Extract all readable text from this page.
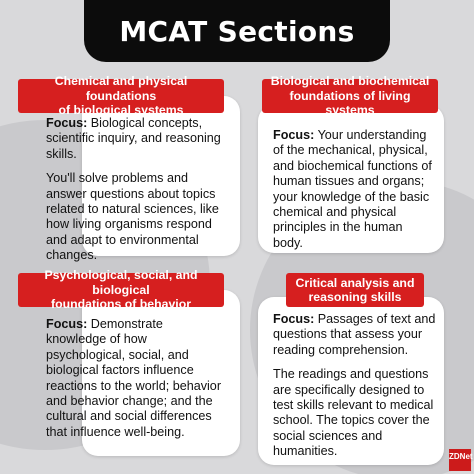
MCAT Sections

Focus: Biological concepts, scientific inquiry, and reasoning skills.

You'll solve problems and answer questions about topics related to natural sciences, like how living organisms respond and adapt to environmental changes.

Chemical and physical foundations
of biological systems

Focus: Your understanding of the mechanical, physical, and biochemical functions of human tissues and organs; your knowledge of the basic chemical and physical principles in the human body.

Biological and biochemical
foundations of living systems

Focus: Demonstrate knowledge of how psychological, social, and biological factors influence reactions to the world; behavior and behavior change; and the cultural and social differences that influence well-being.

Psychological, social, and biological
foundations of behavior

Focus: Passages of text and questions that assess your reading comprehension.

The readings and questions are specifically designed to test skills relevant to medical school. The topics cover the social sciences and humanities.

Critical analysis and
reasoning skills
ZDNet
